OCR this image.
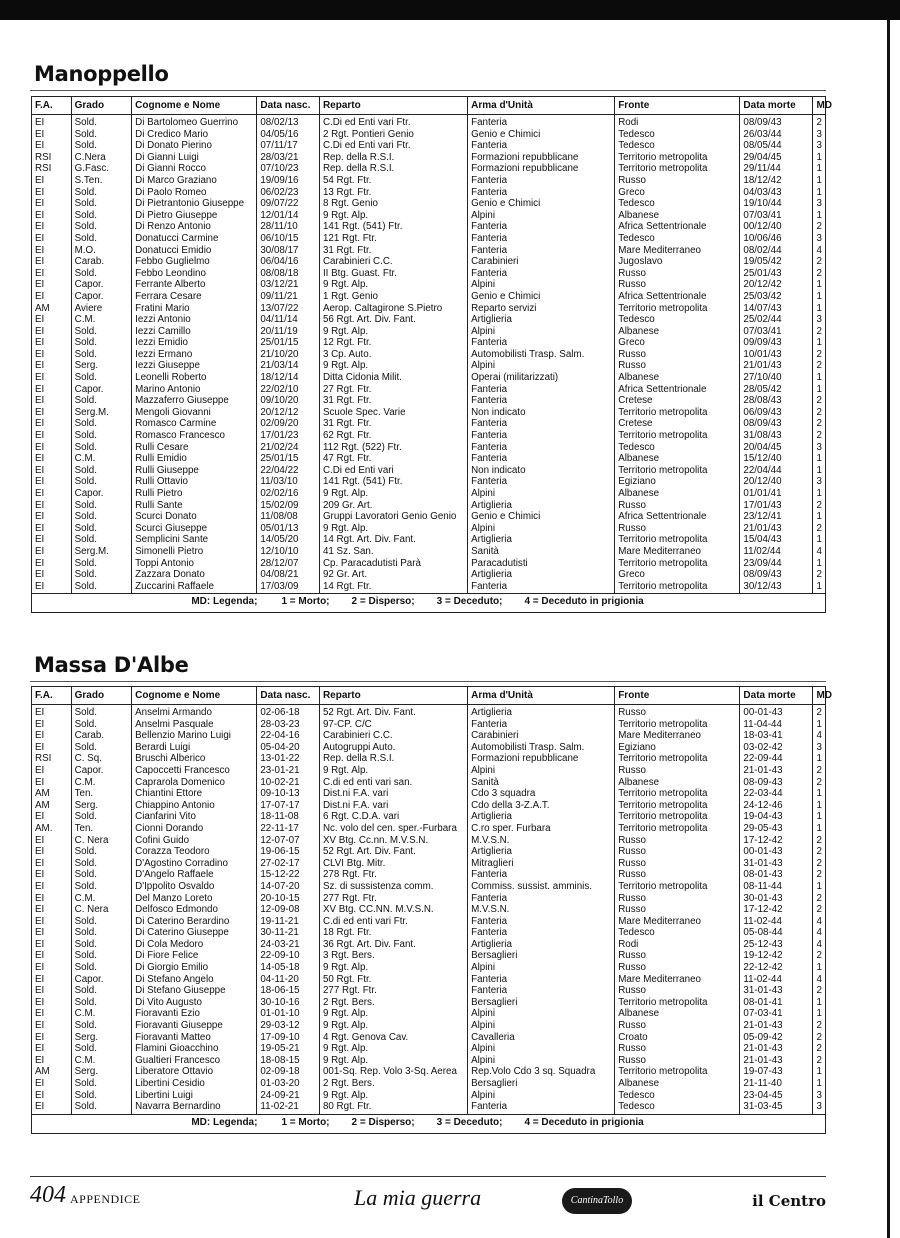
Manoppello
F.A.	Grado	Cognome e Nome	Data nasc.	Reparto	Arma d'Unità	Fronte	Data morte	MD
EI	Sold.	Di Bartolomeo Guerrino	08/02/13	C.Di ed Enti vari Ftr.	Fanteria	Rodi	08/09/43	2
EI	Sold.	Di Credico Mario	04/05/16	2 Rgt. Pontieri Genio	Genio e Chimici	Tedesco	26/03/44	3
EI	Sold.	Di Donato Pierino	07/11/17	C.Di ed Enti vari Ftr.	Fanteria	Tedesco	08/05/44	3
RSI	C.Nera	Di Gianni Luigi	28/03/21	Rep. della R.S.I.	Formazioni repubblicane	Territorio metropolita	29/04/45	1
RSI	G.Fasc.	Di Gianni Rocco	07/10/23	Rep. della R.S.I.	Formazioni repubblicane	Territorio metropolita	29/11/44	1
EI	S.Ten.	Di Marco Graziano	19/09/16	54 Rgt. Ftr.	Fanteria	Russo	18/12/42	1
EI	Sold.	Di Paolo Romeo	06/02/23	13 Rgt. Ftr.	Fanteria	Greco	04/03/43	1
EI	Sold.	Di Pietrantonio Giuseppe	09/07/22	8 Rgt. Genio	Genio e Chimici	Tedesco	19/10/44	3
EI	Sold.	Di Pietro Giuseppe	12/01/14	9 Rgt. Alp.	Alpini	Albanese	07/03/41	1
EI	Sold.	Di Renzo Antonio	28/11/10	141 Rgt. (541) Ftr.	Fanteria	Africa Settentrionale	00/12/40	2
EI	Sold.	Donatucci Carmine	06/10/15	121 Rgt. Ftr.	Fanteria	Tedesco	10/06/46	3
EI	M.O.	Donatucci Emidio	30/08/17	31 Rgt. Ftr.	Fanteria	Mare Mediterraneo	08/02/44	4
EI	Carab.	Febbo Guglielmo	06/04/16	Carabinieri C.C.	Carabinieri	Jugoslavo	19/05/42	2
EI	Sold.	Febbo Leondino	08/08/18	II Btg. Guast. Ftr.	Fanteria	Russo	25/01/43	2
EI	Capor.	Ferrante Alberto	03/12/21	9 Rgt. Alp.	Alpini	Russo	20/12/42	1
EI	Capor.	Ferrara Cesare	09/11/21	1 Rgt. Genio	Genio e Chimici	Africa Settentrionale	25/03/42	1
AM	Aviere	Fratini Mario	13/07/22	Aerop. Caltagirone S.Pietro	Reparto servizi	Territorio metropolita	14/07/43	1
EI	C.M.	Iezzi Antonio	04/11/14	56 Rgt. Art. Div. Fant.	Artiglieria	Tedesco	25/02/44	3
EI	Sold.	Iezzi Camillo	20/11/19	9 Rgt. Alp.	Alpini	Albanese	07/03/41	2
EI	Sold.	Iezzi Emidio	25/01/15	12 Rgt. Ftr.	Fanteria	Greco	09/09/43	1
EI	Sold.	Iezzi Ermano	21/10/20	3 Cp. Auto.	Automobilisti Trasp. Salm.	Russo	10/01/43	2
EI	Serg.	Iezzi Giuseppe	21/03/14	9 Rgt. Alp.	Alpini	Russo	21/01/43	2
EI	Sold.	Leonelli Roberto	18/12/14	Ditta Cidonia Milit.	Operai (militarizzati)	Albanese	27/10/40	1
EI	Capor.	Marino Antonio	22/02/10	27 Rgt. Ftr.	Fanteria	Africa Settentrionale	28/05/42	1
EI	Sold.	Mazzaferro Giuseppe	09/10/20	31 Rgt. Ftr.	Fanteria	Cretese	28/08/43	2
EI	Serg.M.	Mengoli Giovanni	20/12/12	Scuole Spec. Varie	Non indicato	Territorio metropolita	06/09/43	2
EI	Sold.	Romasco Carmine	02/09/20	31 Rgt. Ftr.	Fanteria	Cretese	08/09/43	2
EI	Sold.	Romasco Francesco	17/01/23	62 Rgt. Ftr.	Fanteria	Territorio metropolita	31/08/43	2
EI	Sold.	Rulli Cesare	21/02/24	112 Rgt. (522) Ftr.	Fanteria	Tedesco	20/04/45	3
EI	C.M.	Rulli Emidio	25/01/15	47 Rgt. Ftr.	Fanteria	Albanese	15/12/40	1
EI	Sold.	Rulli Giuseppe	22/04/22	C.Di ed Enti vari	Non indicato	Territorio metropolita	22/04/44	1
EI	Sold.	Rulli Ottavio	11/03/10	141 Rgt. (541) Ftr.	Fanteria	Egiziano	20/12/40	3
EI	Capor.	Rulli Pietro	02/02/16	9 Rgt. Alp.	Alpini	Albanese	01/01/41	1
EI	Sold.	Rulli Sante	15/02/09	209 Gr. Art.	Artiglieria	Russo	17/01/43	2
EI	Sold.	Scurci Donato	11/08/08	Gruppi Lavoratori Genio Genio	Genio e Chimici	Africa Settentrionale	23/12/41	1
EI	Sold.	Scurci Giuseppe	05/01/13	9 Rgt. Alp.	Alpini	Russo	21/01/43	2
EI	Sold.	Semplicini Sante	14/05/20	14 Rgt. Art. Div. Fant.	Artiglieria	Territorio metropolita	15/04/43	1
EI	Serg.M.	Simonelli Pietro	12/10/10	41 Sz. San.	Sanità	Mare Mediterraneo	11/02/44	4
EI	Sold.	Toppi Antonio	28/12/07	Cp. Paracadutisti Parà	Paracadutisti	Territorio metropolita	23/09/44	1
EI	Sold.	Zazzara Donato	04/08/21	92 Gr. Art.	Artiglieria	Greco	08/09/43	2
EI	Sold.	Zuccarini Raffaele	17/03/09	14 Rgt. Ftr.	Fanteria	Territorio metropolita	30/12/43	1
MD: Legenda; 1 = Morto; 2 = Disperso; 3 = Deceduto; 4 = Deceduto in prigionia								
Massa D'Albe
F.A.	Grado	Cognome e Nome	Data nasc.	Reparto	Arma d'Unità	Fronte	Data morte	MD
EI	Sold.	Anselmi Armando	02-06-18	52 Rgt. Art. Div. Fant.	Artiglieria	Russo	00-01-43	2
EI	Sold.	Anselmi Pasquale	28-03-23	97-CP. C/C	Fanteria	Territorio metropolita	11-04-44	1
EI	Carab.	Bellenzio Marino Luigi	22-04-16	Carabinieri C.C.	Carabinieri	Mare Mediterraneo	18-03-41	4
EI	Sold.	Berardi Luigi	05-04-20	Autogruppi Auto.	Automobilisti Trasp. Salm.	Egiziano	03-02-42	3
RSI	C. Sq.	Bruschi Alberico	13-01-22	Rep. della R.S.I.	Formazioni repubblicane	Territorio metropolita	22-09-44	1
EI	Capor.	Capoccetti Francesco	23-01-21	9 Rgt. Alp.	Alpini	Russo	21-01-43	2
EI	C.M.	Caprarola Domenico	10-02-21	C.di ed enti vari san.	Sanità	Albanese	08-09-43	2
AM	Ten.	Chiantini Ettore	09-10-13	Dist.ni F.A. vari	Cdo 3 squadra	Territorio metropolita	22-03-44	1
AM	Serg.	Chiappino Antonio	17-07-17	Dist.ni F.A. vari	Cdo della 3-Z.A.T.	Territorio metropolita	24-12-46	1
EI	Sold.	Cianfarini Vito	18-11-08	6 Rgt. C.D.A. vari	Artiglieria	Territorio metropolita	19-04-43	1
AM.	Ten.	Cionni Dorando	22-11-17	Nc. volo del cen. sper.-Furbara	C.ro sper. Furbara	Territorio metropolita	29-05-43	1
EI	C. Nera	Cofini Guido	12-07-07	XV Btg. Cc.nn. M.V.S.N.	M.V.S.N.	Russo	17-12-42	2
EI	Sold.	Corazza Teodoro	19-06-15	52 Rgt. Art. Div. Fant.	Artiglieria	Russo	00-01-43	2
EI	Sold.	D'Agostino Corradino	27-02-17	CLVI Btg. Mitr.	Mitraglieri	Russo	31-01-43	2
EI	Sold.	D'Angelo Raffaele	15-12-22	278 Rgt. Ftr.	Fanteria	Russo	08-01-43	2
EI	Sold.	D'Ippolito Osvaldo	14-07-20	Sz. di sussistenza comm.	Commiss. sussist. amminis.	Territorio metropolita	08-11-44	1
EI	C.M.	Del Manzo Loreto	20-10-15	277 Rgt. Ftr.	Fanteria	Russo	30-01-43	2
EI	C. Nera	Delfosco Edmondo	12-09-08	XV Btg. CC.NN. M.V.S.N.	M.V.S.N.	Russo	17-12-42	2
EI	Sold.	Di Caterino Berardino	19-11-21	C.di ed enti vari Ftr.	Fanteria	Mare Mediterraneo	11-02-44	4
EI	Sold.	Di Caterino Giuseppe	30-11-21	18 Rgt. Ftr.	Fanteria	Tedesco	05-08-44	4
EI	Sold.	Di Cola Medoro	24-03-21	36 Rgt. Art. Div. Fant.	Artiglieria	Rodi	25-12-43	4
EI	Sold.	Di Fiore Felice	22-09-10	3 Rgt. Bers.	Bersaglieri	Russo	19-12-42	2
EI	Sold.	Di Giorgio Emilio	14-05-18	9 Rgt. Alp.	Alpini	Russo	22-12-42	1
EI	Capor.	Di Stefano Angelo	04-11-20	50 Rgt. Ftr.	Fanteria	Mare Mediterraneo	11-02-44	4
EI	Sold.	Di Stefano Giuseppe	18-06-15	277 Rgt. Ftr.	Fanteria	Russo	31-01-43	2
EI	Sold.	Di Vito Augusto	30-10-16	2 Rgt. Bers.	Bersaglieri	Territorio metropolita	08-01-41	1
EI	C.M.	Fioravanti Ezio	01-01-10	9 Rgt. Alp.	Alpini	Albanese	07-03-41	1
EI	Sold.	Fioravanti Giuseppe	29-03-12	9 Rgt. Alp.	Alpini	Russo	21-01-43	2
EI	Serg.	Fioravanti Matteo	17-09-10	4 Rgt. Genova Cav.	Cavalleria	Croato	05-09-42	2
EI	Sold.	Flamini Gioacchino	19-05-21	9 Rgt. Alp.	Alpini	Russo	21-01-43	2
EI	C.M.	Gualtieri Francesco	18-08-15	9 Rgt. Alp.	Alpini	Russo	21-01-43	2
AM	Serg.	Liberatore Ottavio	02-09-18	001-Sq. Rep. Volo 3-Sq. Aerea	Rep.Volo Cdo 3 sq. Squadra	Territorio metropolita	19-07-43	1
EI	Sold.	Libertini Cesidio	01-03-20	2 Rgt. Bers.	Bersaglieri	Albanese	21-11-40	1
EI	Sold.	Libertini Luigi	24-09-21	9 Rgt. Alp.	Alpini	Tedesco	23-04-45	3
EI	Sold.	Navarra Bernardino	11-02-21	80 Rgt. Ftr.	Fanteria	Tedesco	31-03-45	3
MD: Legenda; 1 = Morto; 2 = Disperso; 3 = Deceduto; 4 = Deceduto in prigionia								
404 APPENDICE	La mia guerra	CantinaTollo	il Centro
